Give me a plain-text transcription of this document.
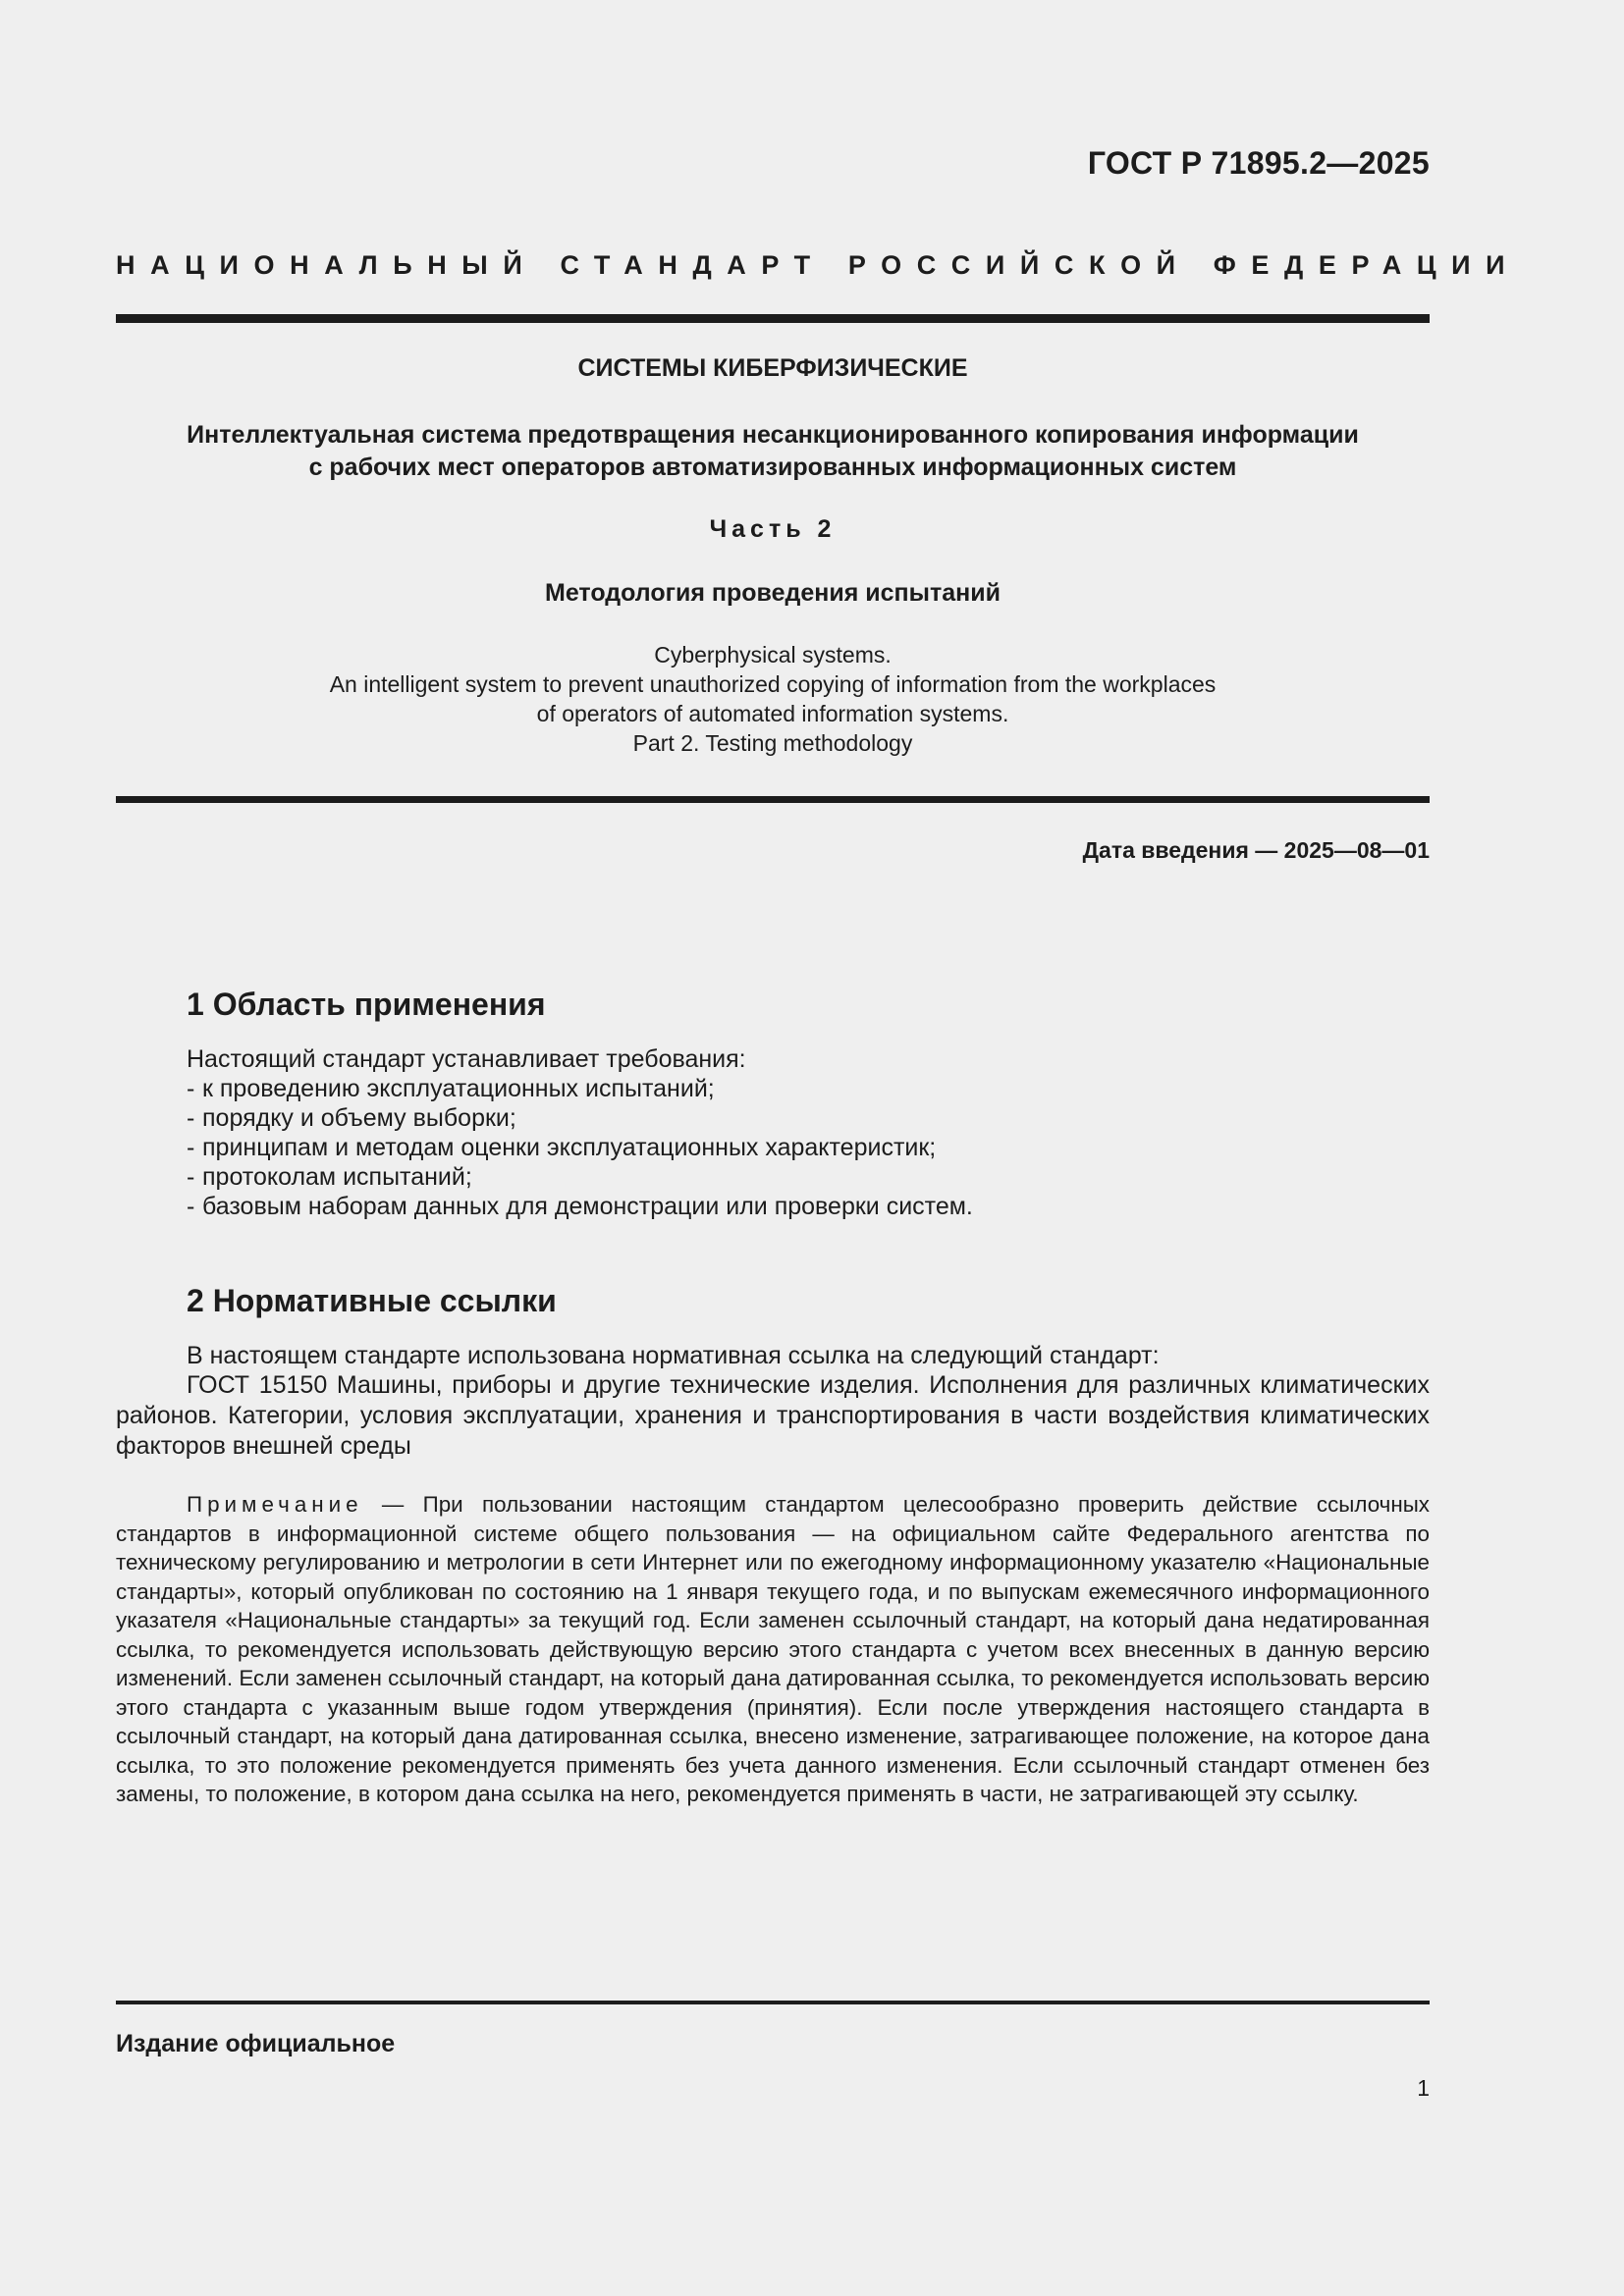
ГОСТ Р 71895.2—2025
НАЦИОНАЛЬНЫЙ СТАНДАРТ РОССИЙСКОЙ ФЕДЕРАЦИИ
СИСТЕМЫ КИБЕРФИЗИЧЕСКИЕ
Интеллектуальная система предотвращения несанкционированного копирования информации
с рабочих мест операторов автоматизированных информационных систем
Часть 2
Методология проведения испытаний
Cyberphysical systems.
An intelligent system to prevent unauthorized copying of information from the workplaces
of operators of automated information systems.
Part 2. Testing methodology
Дата введения — 2025—08—01
1 Область применения
Настоящий стандарт устанавливает требования:
- к проведению эксплуатационных испытаний;
- порядку и объему выборки;
- принципам и методам оценки эксплуатационных характеристик;
- протоколам испытаний;
- базовым наборам данных для демонстрации или проверки систем.
2 Нормативные ссылки
В настоящем стандарте использована нормативная ссылка на следующий стандарт:
ГОСТ 15150 Машины, приборы и другие технические изделия. Исполнения для различных климатических районов. Категории, условия эксплуатации, хранения и транспортирования в части воздействия климатических факторов внешней среды
Примечание — При пользовании настоящим стандартом целесообразно проверить действие ссылочных стандартов в информационной системе общего пользования — на официальном сайте Федерального агентства по техническому регулированию и метрологии в сети Интернет или по ежегодному информационному указателю «Национальные стандарты», который опубликован по состоянию на 1 января текущего года, и по выпускам ежемесячного информационного указателя «Национальные стандарты» за текущий год. Если заменен ссылочный стандарт, на который дана недатированная ссылка, то рекомендуется использовать действующую версию этого стандарта с учетом всех внесенных в данную версию изменений. Если заменен ссылочный стандарт, на который дана датированная ссылка, то рекомендуется использовать версию этого стандарта с указанным выше годом утверждения (принятия). Если после утверждения настоящего стандарта в ссылочный стандарт, на который дана датированная ссылка, внесено изменение, затрагивающее положение, на которое дана ссылка, то это положение рекомендуется применять без учета данного изменения. Если ссылочный стандарт отменен без замены, то положение, в котором дана ссылка на него, рекомендуется применять в части, не затрагивающей эту ссылку.
Издание официальное
1
